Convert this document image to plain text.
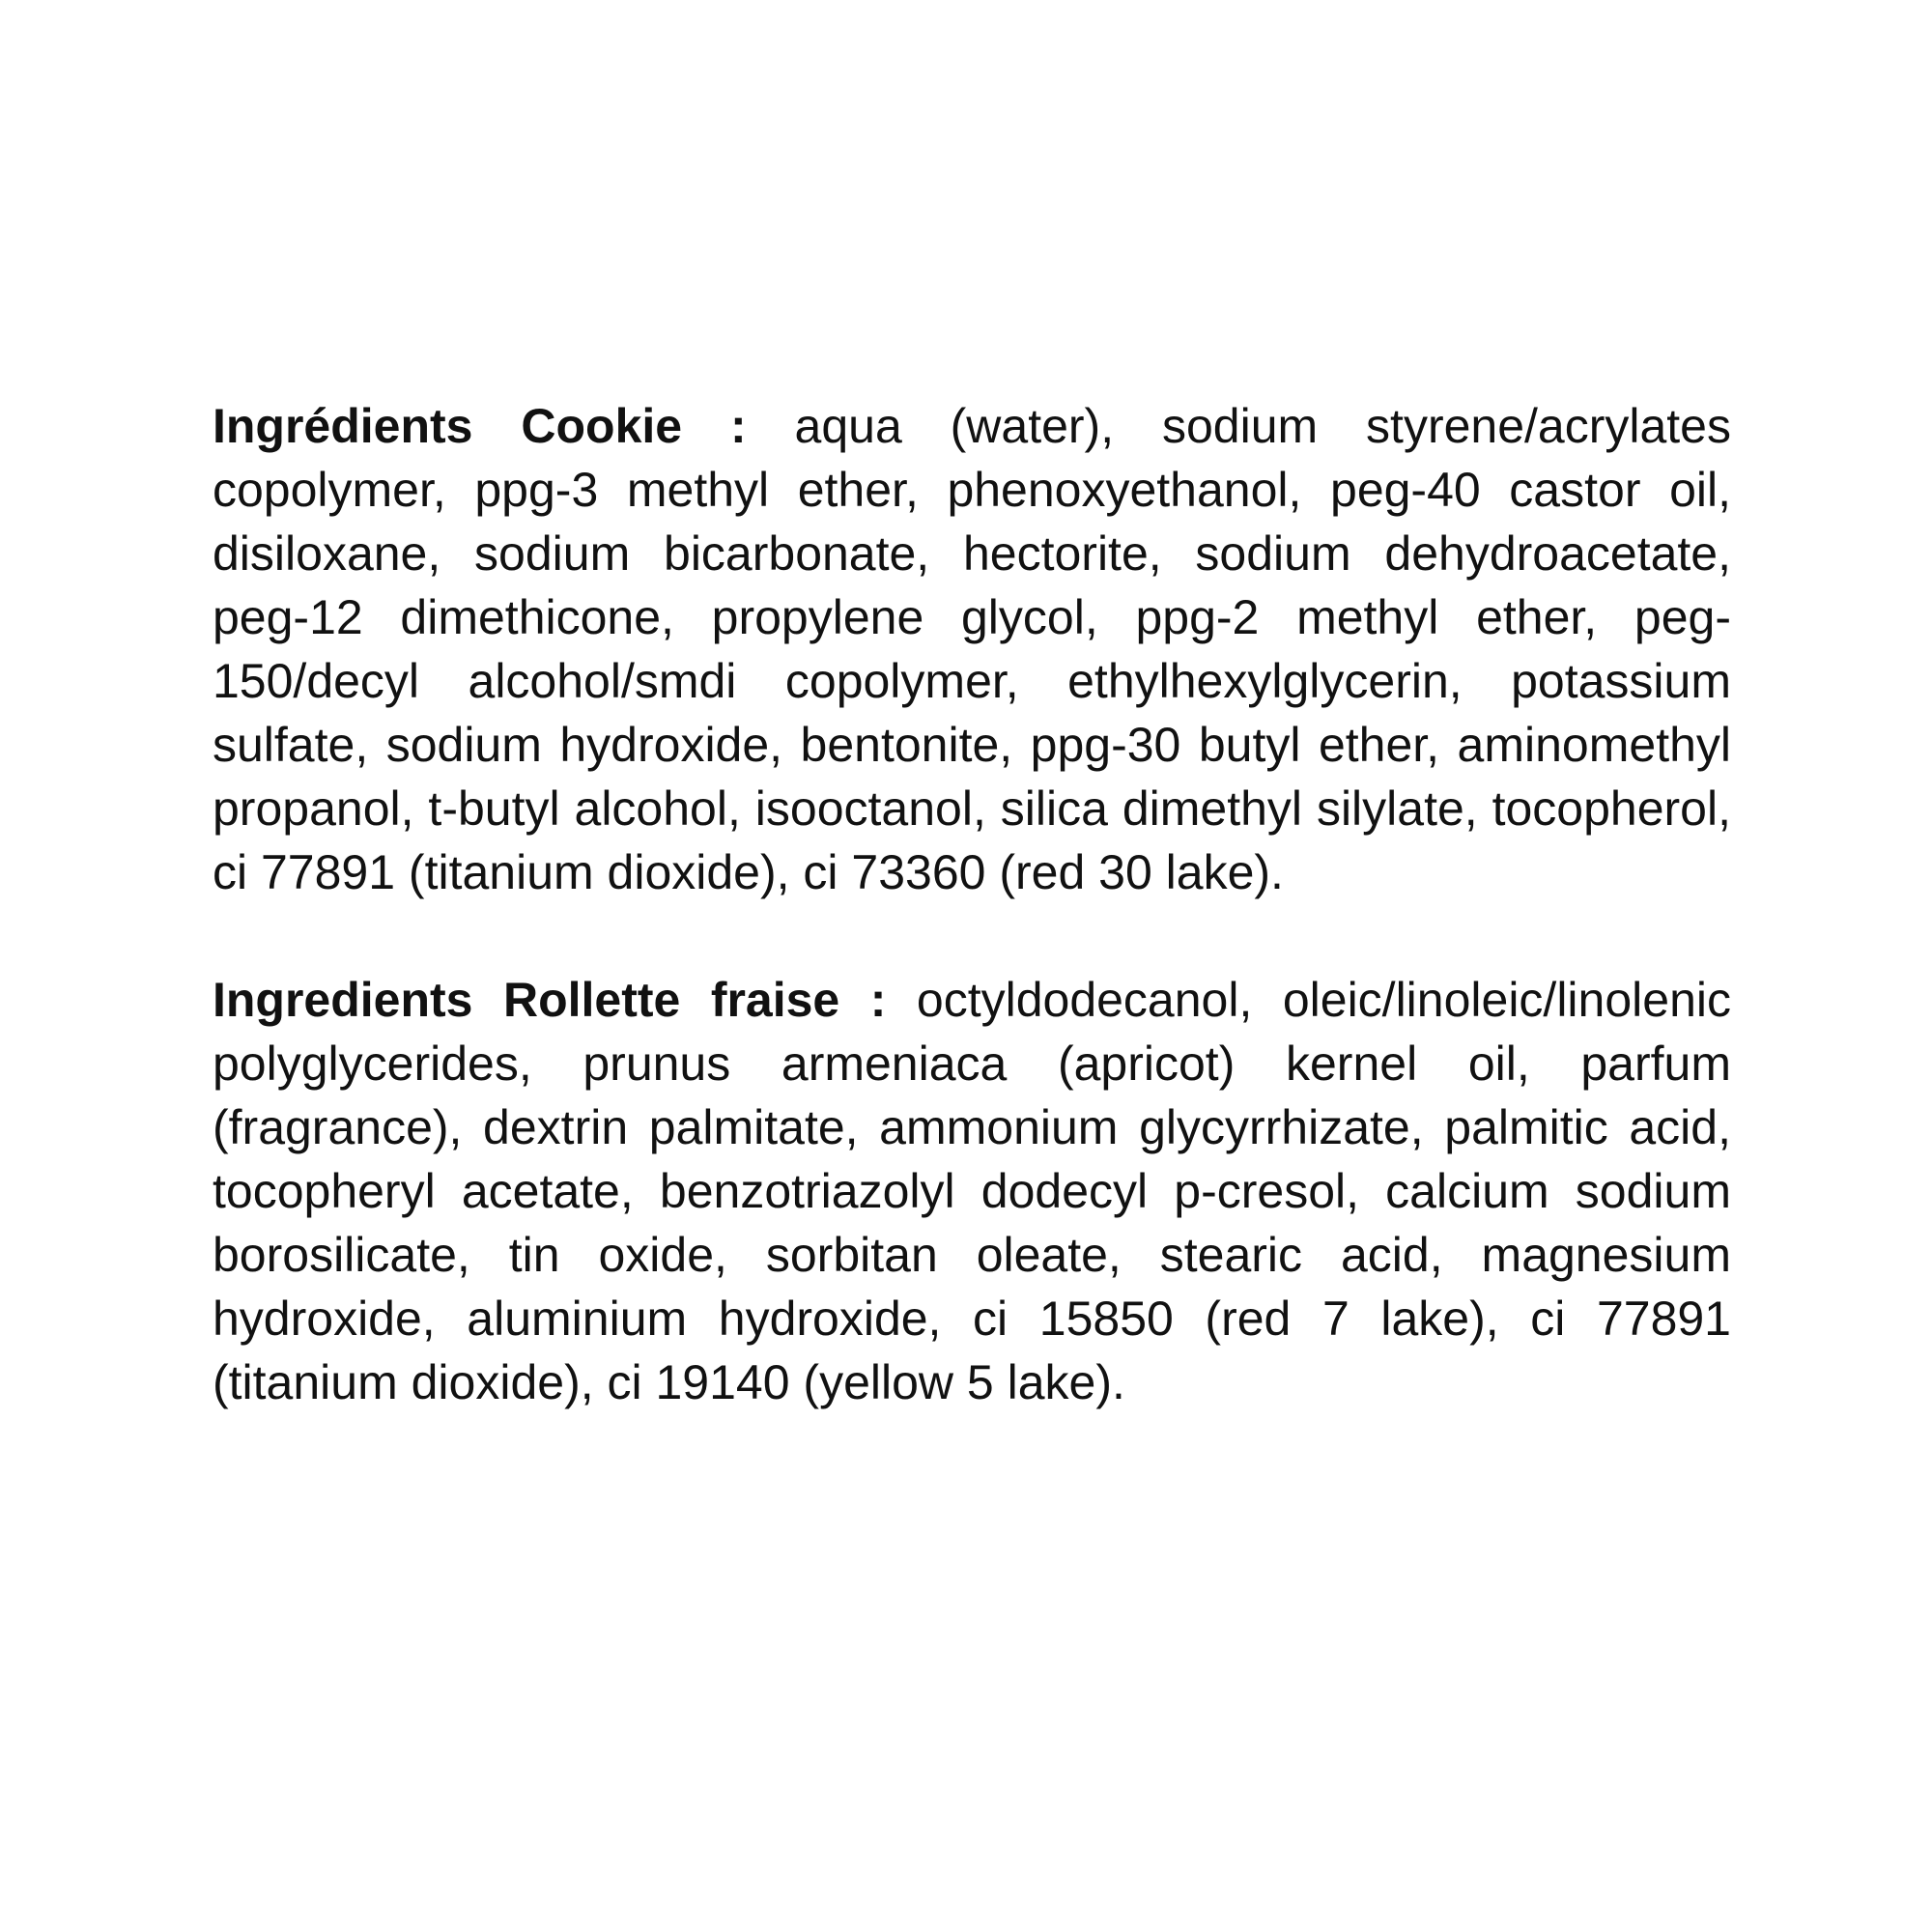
Ingrédients Cookie : aqua (water), sodium styrene/acrylates copolymer, ppg-3 methyl ether, phenoxyethanol, peg-40 castor oil, disiloxane, sodium bicarbonate, hectorite, sodium dehydroacetate, peg-12 dimethicone, propylene glycol, ppg-2 methyl ether, peg-150/decyl alcohol/smdi copolymer, ethylhexylglycerin, potassium sulfate, sodium hydroxide, bentonite, ppg-30 butyl ether, aminomethyl propanol, t-butyl alcohol, isooctanol, silica dimethyl silylate, tocopherol, ci 77891 (titanium dioxide), ci 73360 (red 30 lake).

Ingredients Rollette fraise : octyldodecanol, oleic/linoleic/linolenic polyglycerides, prunus armeniaca (apricot) kernel oil, parfum (fragrance), dextrin palmitate, ammonium glycyrrhizate, palmitic acid, tocopheryl acetate, benzotriazolyl dodecyl p-cresol, calcium sodium borosilicate, tin oxide, sorbitan oleate, stearic acid, magnesium hydroxide, aluminium hydroxide, ci 15850 (red 7 lake), ci 77891 (titanium dioxide), ci 19140 (yellow 5 lake).
